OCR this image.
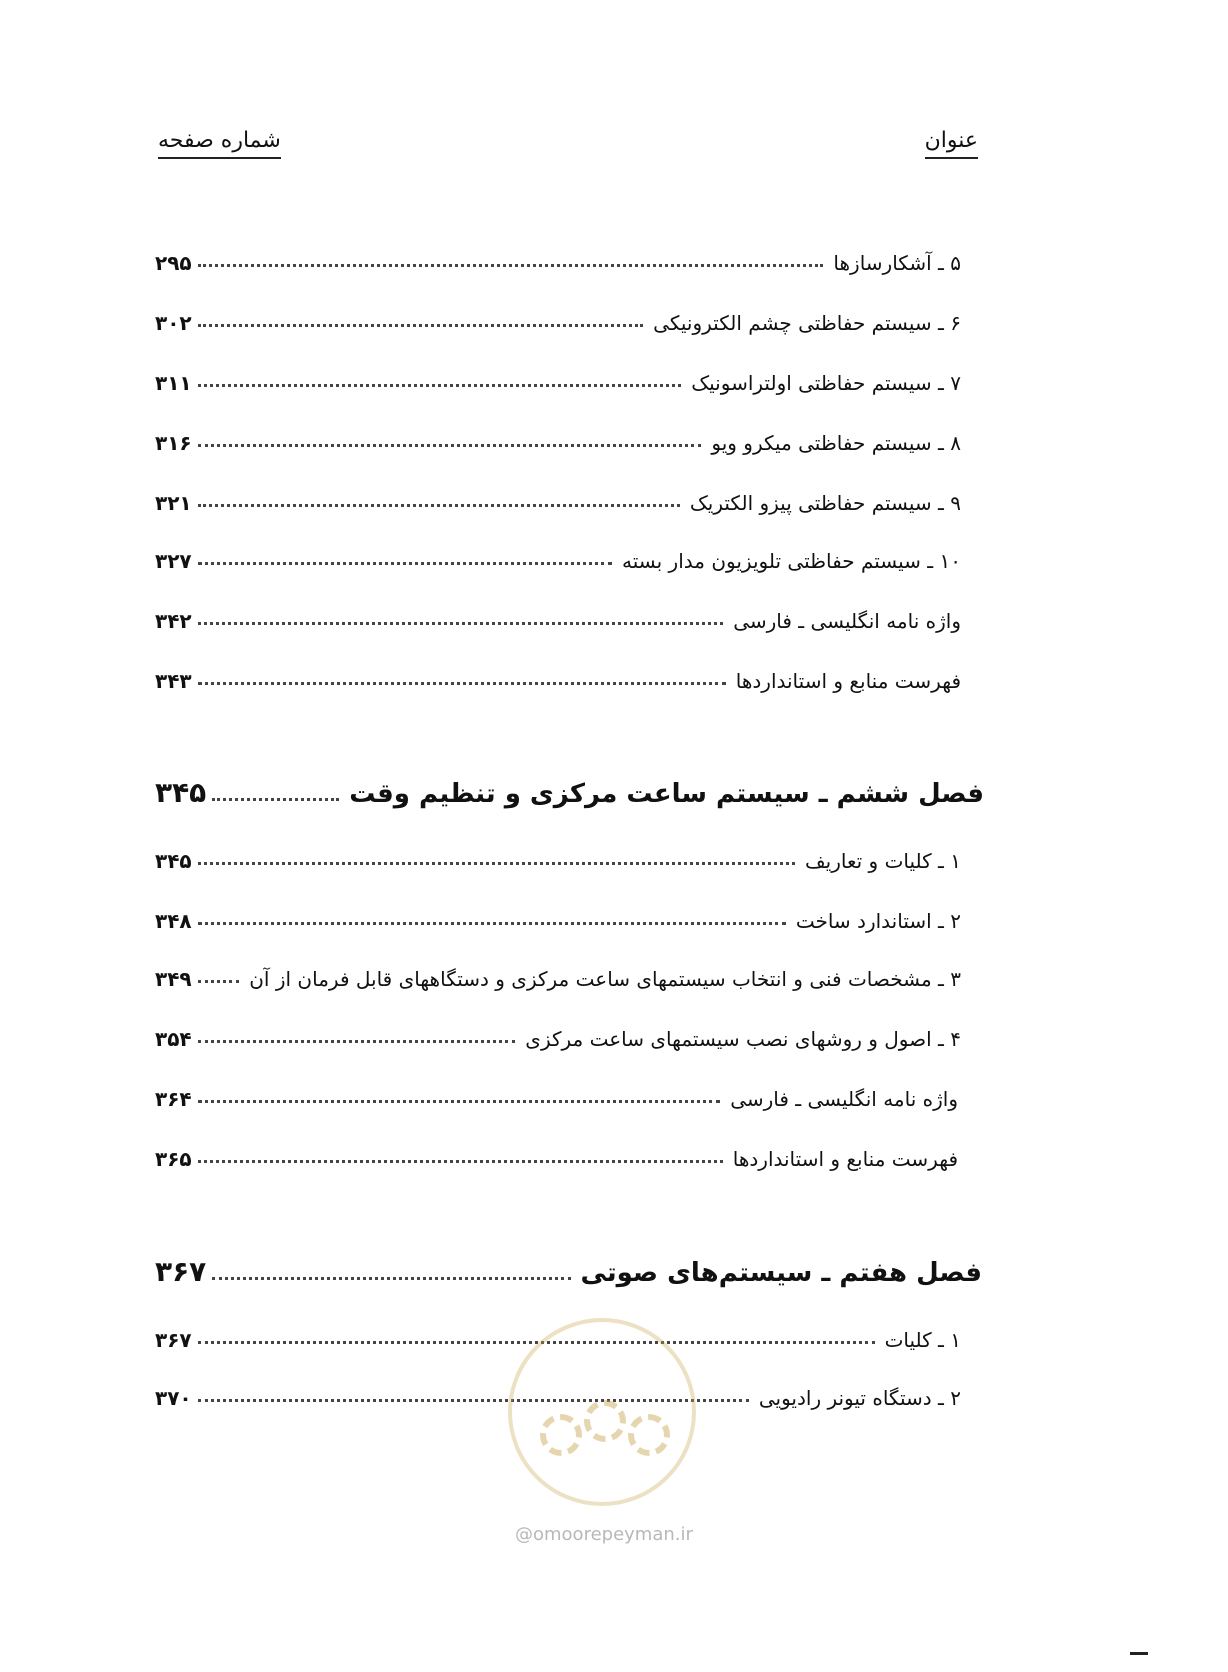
عنوان
شماره صفحه
۵ ـ آشکارسازها
۲۹۵
۶ ـ سیستم حفاظتی چشم الکترونیکی
۳۰۲
۷ ـ سیستم حفاظتی اولتراسونیک
۳۱۱
۸ ـ سیستم حفاظتی میکرو ویو
۳۱۶
۹ ـ سیستم حفاظتی پیزو الکتریک
۳۲۱
۱۰ ـ سیستم حفاظتی تلویزیون مدار بسته
۳۲۷
واژه نامه انگلیسی ـ فارسی
۳۴۲
فهرست منابع و استانداردها
۳۴۳
فصل ششم ـ سیستم ساعت مرکزی و تنظیم وقت
۳۴۵
۱ ـ کلیات و تعاریف
۳۴۵
۲ ـ استاندارد ساخت
۳۴۸
۳ ـ مشخصات فنی و انتخاب سیستمهای ساعت مرکزی و دستگاههای قابل فرمان از آن
۳۴۹
۴ ـ اصول و روشهای نصب سیستمهای ساعت مرکزی
۳۵۴
واژه نامه انگلیسی ـ فارسی
۳۶۴
فهرست منابع و استانداردها
۳۶۵
فصل هفتم ـ سیستم‌های صوتی
۳۶۷
۱ ـ کلیات
۳۶۷
۲ ـ دستگاه تیونر رادیویی
۳۷۰
@omoorepeyman.ir
